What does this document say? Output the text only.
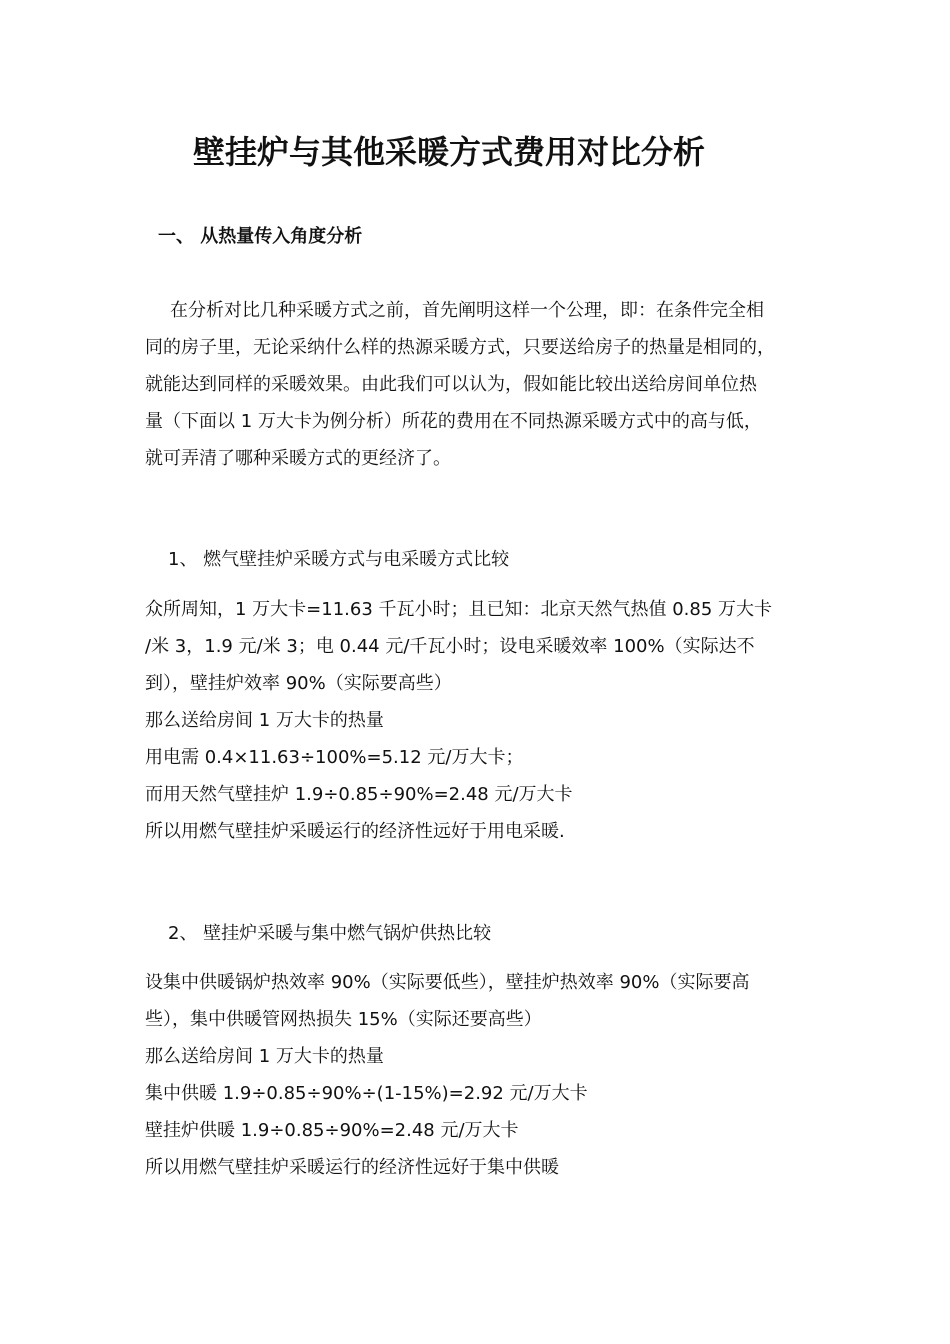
壁挂炉与其他采暖方式费用对比分析
一、 从热量传入角度分析
在分析对比几种采暖方式之前，首先阐明这样一个公理，即：在条件完全相
同的房子里，无论采纳什么样的热源采暖方式，只要送给房子的热量是相同的，
就能达到同样的采暖效果。由此我们可以认为，假如能比较出送给房间单位热
量（下面以 1 万大卡为例分析）所花的费用在不同热源采暖方式中的高与低，
就可弄清了哪种采暖方式的更经济了。
1、 燃气壁挂炉采暖方式与电采暖方式比较
众所周知，1 万大卡=11.63 千瓦小时；且已知：北京天然气热值 0.85 万大卡
/米 3，1.9 元/米 3；电 0.44 元/千瓦小时；设电采暖效率 100%（实际达不
到），壁挂炉效率 90%（实际要高些）
那么送给房间 1 万大卡的热量
用电需 0.4×11.63÷100%=5.12 元/万大卡；
而用天然气壁挂炉 1.9÷0.85÷90%=2.48 元/万大卡
所以用燃气壁挂炉采暖运行的经济性远好于用电采暖.
2、 壁挂炉采暖与集中燃气锅炉供热比较
设集中供暖锅炉热效率 90%（实际要低些），壁挂炉热效率 90%（实际要高
些），集中供暖管网热损失 15%（实际还要高些）
那么送给房间 1 万大卡的热量
集中供暖 1.9÷0.85÷90%÷(1-15%)=2.92 元/万大卡
壁挂炉供暖 1.9÷0.85÷90%=2.48 元/万大卡
所以用燃气壁挂炉采暖运行的经济性远好于集中供暖
